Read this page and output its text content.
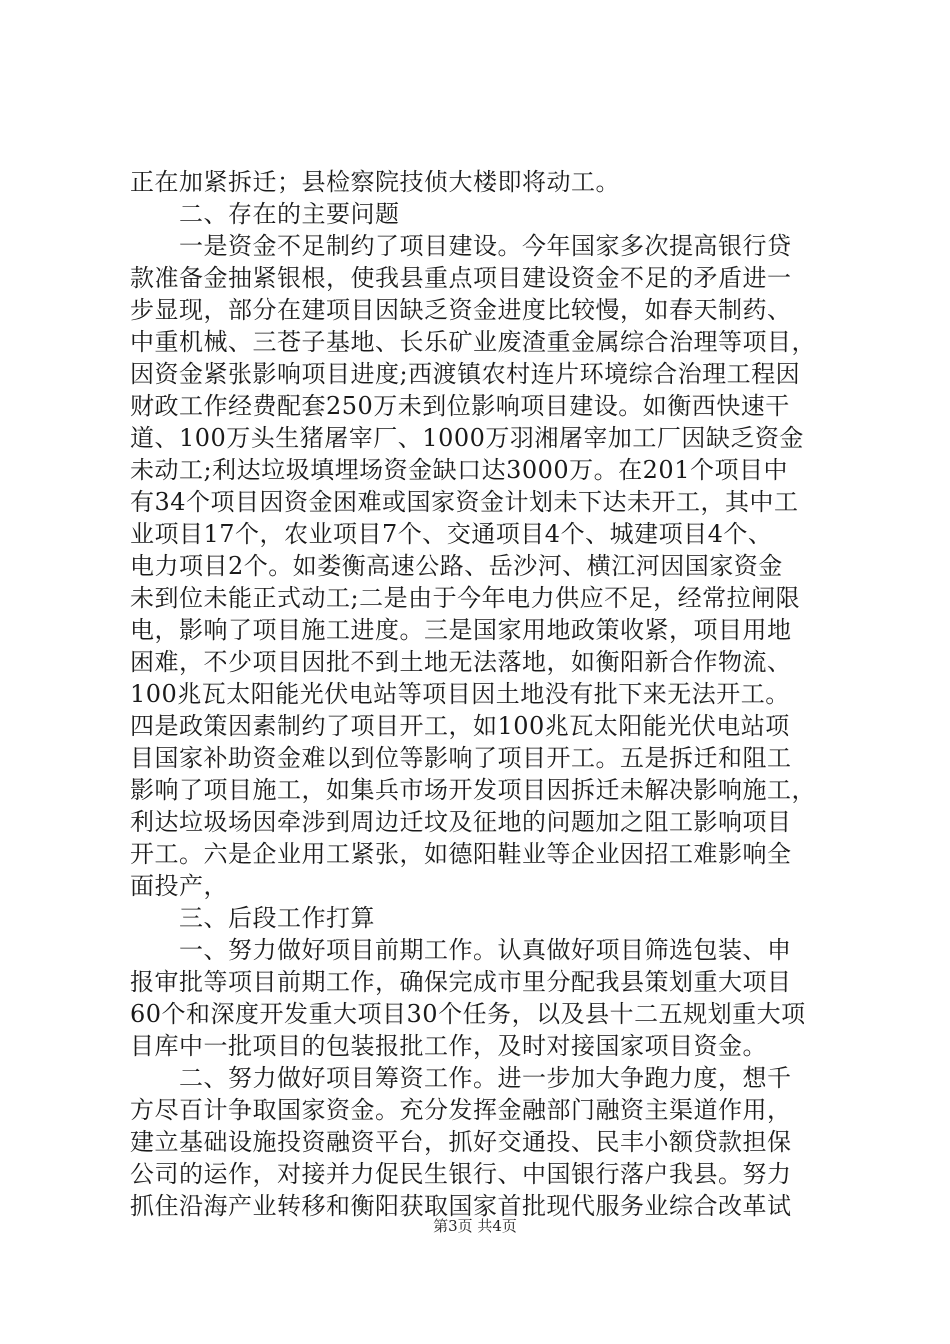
正在加紧拆迁；县检察院技侦大楼即将动工。
　　二、存在的主要问题
　　一是资金不足制约了项目建设。今年国家多次提高银行贷
款准备金抽紧银根，使我县重点项目建设资金不足的矛盾进一
步显现，部分在建项目因缺乏资金进度比较慢，如春天制药、
中重机械、三苍子基地、长乐矿业废渣重金属综合治理等项目，
因资金紧张影响项目进度;西渡镇农村连片环境综合治理工程因
财政工作经费配套250万未到位影响项目建设。如衡西快速干
道、100万头生猪屠宰厂、1000万羽湘屠宰加工厂因缺乏资金
未动工;利达垃圾填埋场资金缺口达3000万。在201个项目中
有34个项目因资金困难或国家资金计划未下达未开工，其中工
业项目17个，农业项目7个、交通项目4个、城建项目4个、
电力项目2个。如娄衡高速公路、岳沙河、横江河因国家资金
未到位未能正式动工;二是由于今年电力供应不足，经常拉闸限
电，影响了项目施工进度。三是国家用地政策收紧，项目用地
困难，不少项目因批不到土地无法落地，如衡阳新合作物流、
100兆瓦太阳能光伏电站等项目因土地没有批下来无法开工。
四是政策因素制约了项目开工，如100兆瓦太阳能光伏电站项
目国家补助资金难以到位等影响了项目开工。五是拆迁和阻工
影响了项目施工，如集兵市场开发项目因拆迁未解决影响施工，
利达垃圾场因牵涉到周边迁坟及征地的问题加之阻工影响项目
开工。六是企业用工紧张，如德阳鞋业等企业因招工难影响全
面投产，
　　三、后段工作打算
　　一、努力做好项目前期工作。认真做好项目筛选包装、申
报审批等项目前期工作，确保完成市里分配我县策划重大项目
60个和深度开发重大项目30个任务，以及县十二五规划重大项
目库中一批项目的包装报批工作，及时对接国家项目资金。
　　二、努力做好项目筹资工作。进一步加大争跑力度，想千
方尽百计争取国家资金。充分发挥金融部门融资主渠道作用，
建立基础设施投资融资平台，抓好交通投、民丰小额贷款担保
公司的运作，对接并力促民生银行、中国银行落户我县。努力
抓住沿海产业转移和衡阳获取国家首批现代服务业综合改革试
第3页 共4页
